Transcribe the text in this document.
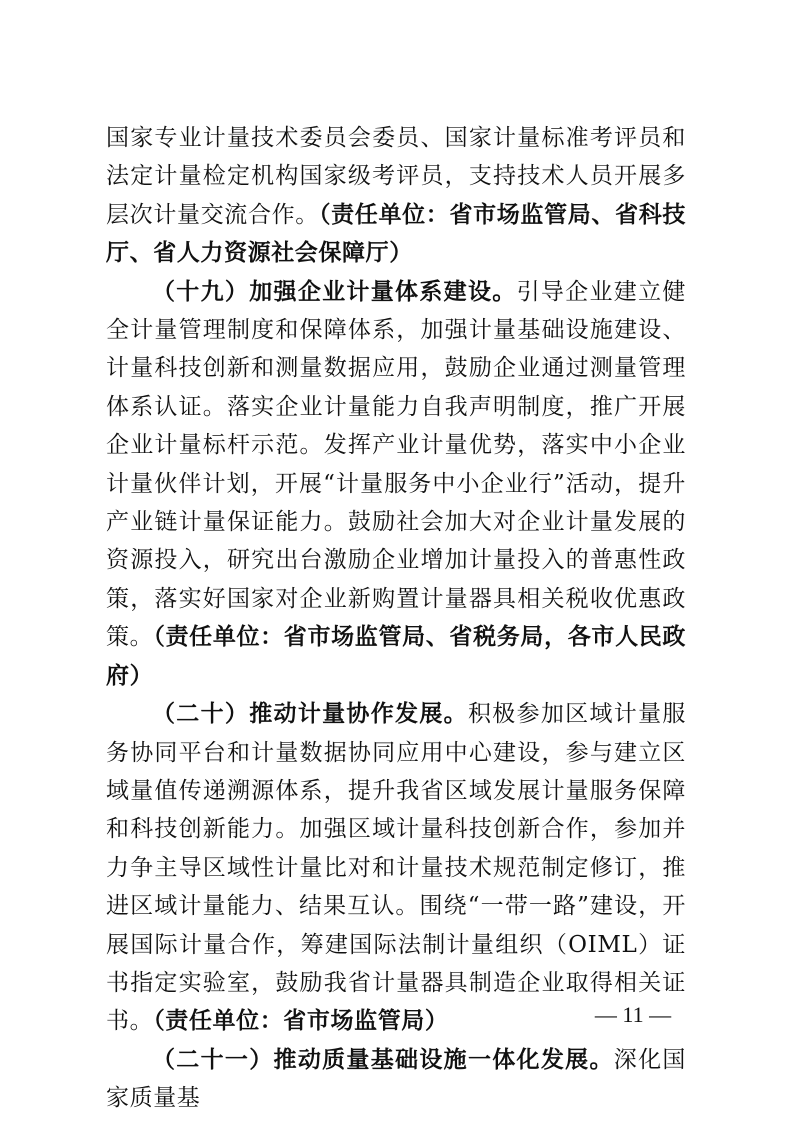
国家专业计量技术委员会委员、国家计量标准考评员和法定计量检定机构国家级考评员，支持技术人员开展多层次计量交流合作。（责任单位：省市场监管局、省科技厅、省人力资源社会保障厅）

（十九）加强企业计量体系建设。引导企业建立健全计量管理制度和保障体系，加强计量基础设施建设、计量科技创新和测量数据应用，鼓励企业通过测量管理体系认证。落实企业计量能力自我声明制度，推广开展企业计量标杆示范。发挥产业计量优势，落实中小企业计量伙伴计划，开展“计量服务中小企业行”活动，提升产业链计量保证能力。鼓励社会加大对企业计量发展的资源投入，研究出台激励企业增加计量投入的普惠性政策，落实好国家对企业新购置计量器具相关税收优惠政策。（责任单位：省市场监管局、省税务局，各市人民政府）

（二十）推动计量协作发展。积极参加区域计量服务协同平台和计量数据协同应用中心建设，参与建立区域量值传递溯源体系，提升我省区域发展计量服务保障和科技创新能力。加强区域计量科技创新合作，参加并力争主导区域性计量比对和计量技术规范制定修订，推进区域计量能力、结果互认。围绕“一带一路”建设，开展国际计量合作，筹建国际法制计量组织（OIML）证书指定实验室，鼓励我省计量器具制造企业取得相关证书。（责任单位：省市场监管局）

（二十一）推动质量基础设施一体化发展。深化国家质量基

— 11 —
